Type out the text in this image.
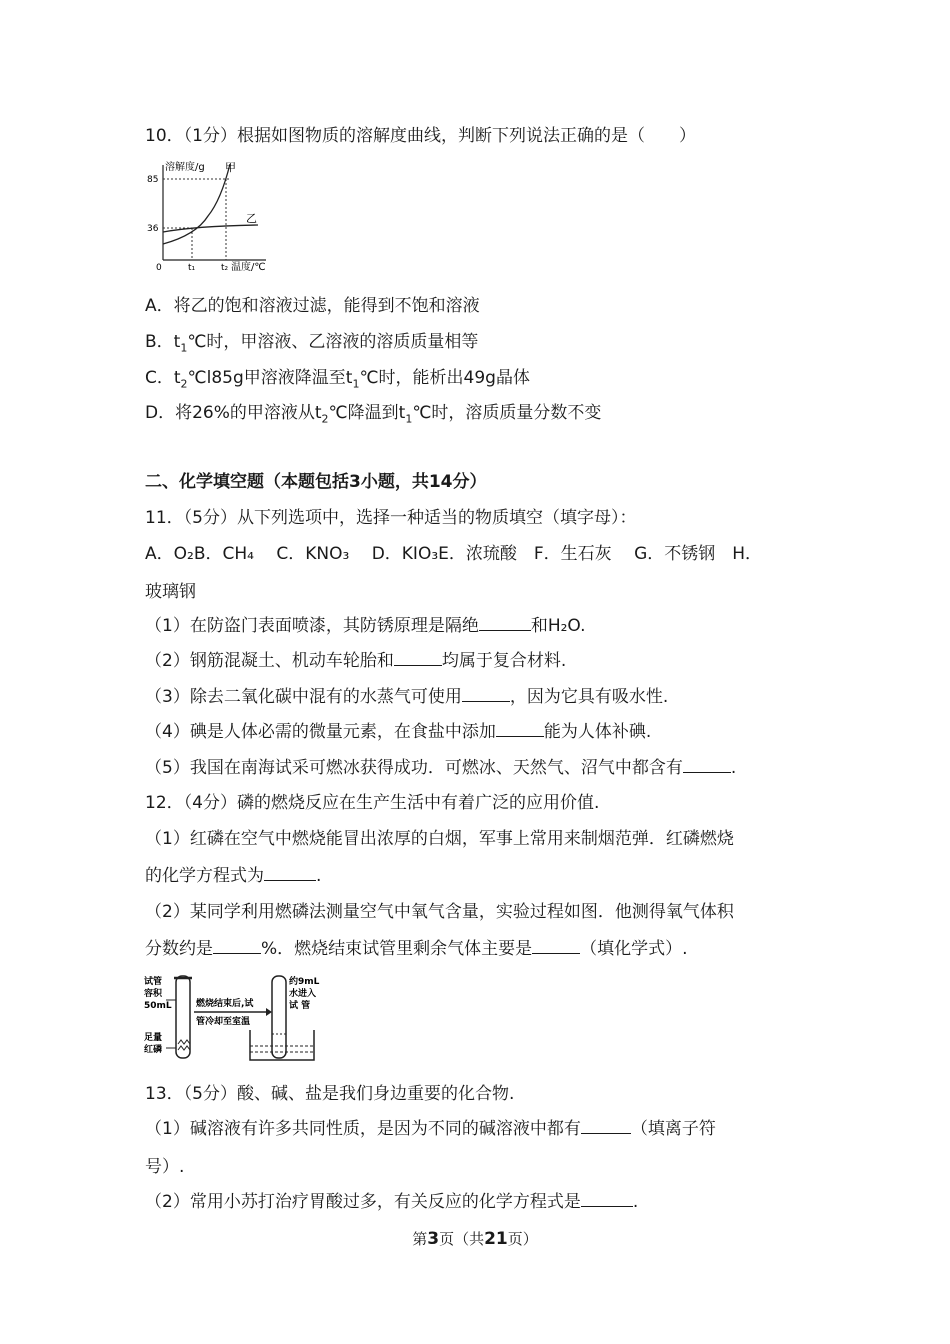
10．（1分）根据如图物质的溶解度曲线，判断下列说法正确的是（　　）
溶解度/g 甲
乙
85
36
0	t₁	t₂ 温度/℃
A．将乙的饱和溶液过滤，能得到不饱和溶液
B．$t_1℃$时，甲溶液、乙溶液的溶质质量相等
C．$t_2℃l85g$甲溶液降温至$t_1℃$时，能析出49g晶体
D．将26%的甲溶液从$t_2℃$降温到$t_1℃$时，溶质质量分数不变
二、化学填空题（本题包括3小题，共14分）
11．（5分）从下列选项中，选择一种适当的物质填空（填字母）：
A．O₂B．CH₄　 C．KNO₃　 D．KIO₃E．浓琉酸　F．生石灰　 G．不锈钢　H．
玻璃钢
（1）在防盗门表面喷漆，其防锈原理是隔绝	和H₂O.
（2）钢筋混凝土、机动车轮胎和	均属于复合材料.
（3）除去二氧化碳中混有的水蒸气可使用	，因为它具有吸水性.
（4）碘是人体必需的微量元素，在食盐中添加	能为人体补碘.
（5）我国在南海试采可燃冰获得成功．可燃冰、天然气、沼气中都含有	.
12．（4分）磷的燃烧反应在生产生活中有着广泛的应用价值.
（1）红磷在空气中燃烧能冒出浓厚的白烟，军事上常用来制烟范弹．红磷燃烧
的化学方程式为	.
（2）某同学利用燃磷法测量空气中氧气含量，实验过程如图．他测得氧气体积
分数约是	%．燃烧结束试管里剩余气体主要是	（填化学式）.
试管
容积
50mL
足量
红磷
燃烧结束后,试
管冷却至室温
约9mL
水进入
试 管
13．（5分）酸、碱、盐是我们身边重要的化合物.
（1）碱溶液有许多共同性质，是因为不同的碱溶液中都有	（填离子符
号）.
（2）常用小苏打治疗胃酸过多，有关反应的化学方程式是	.
第3页（共21页）
